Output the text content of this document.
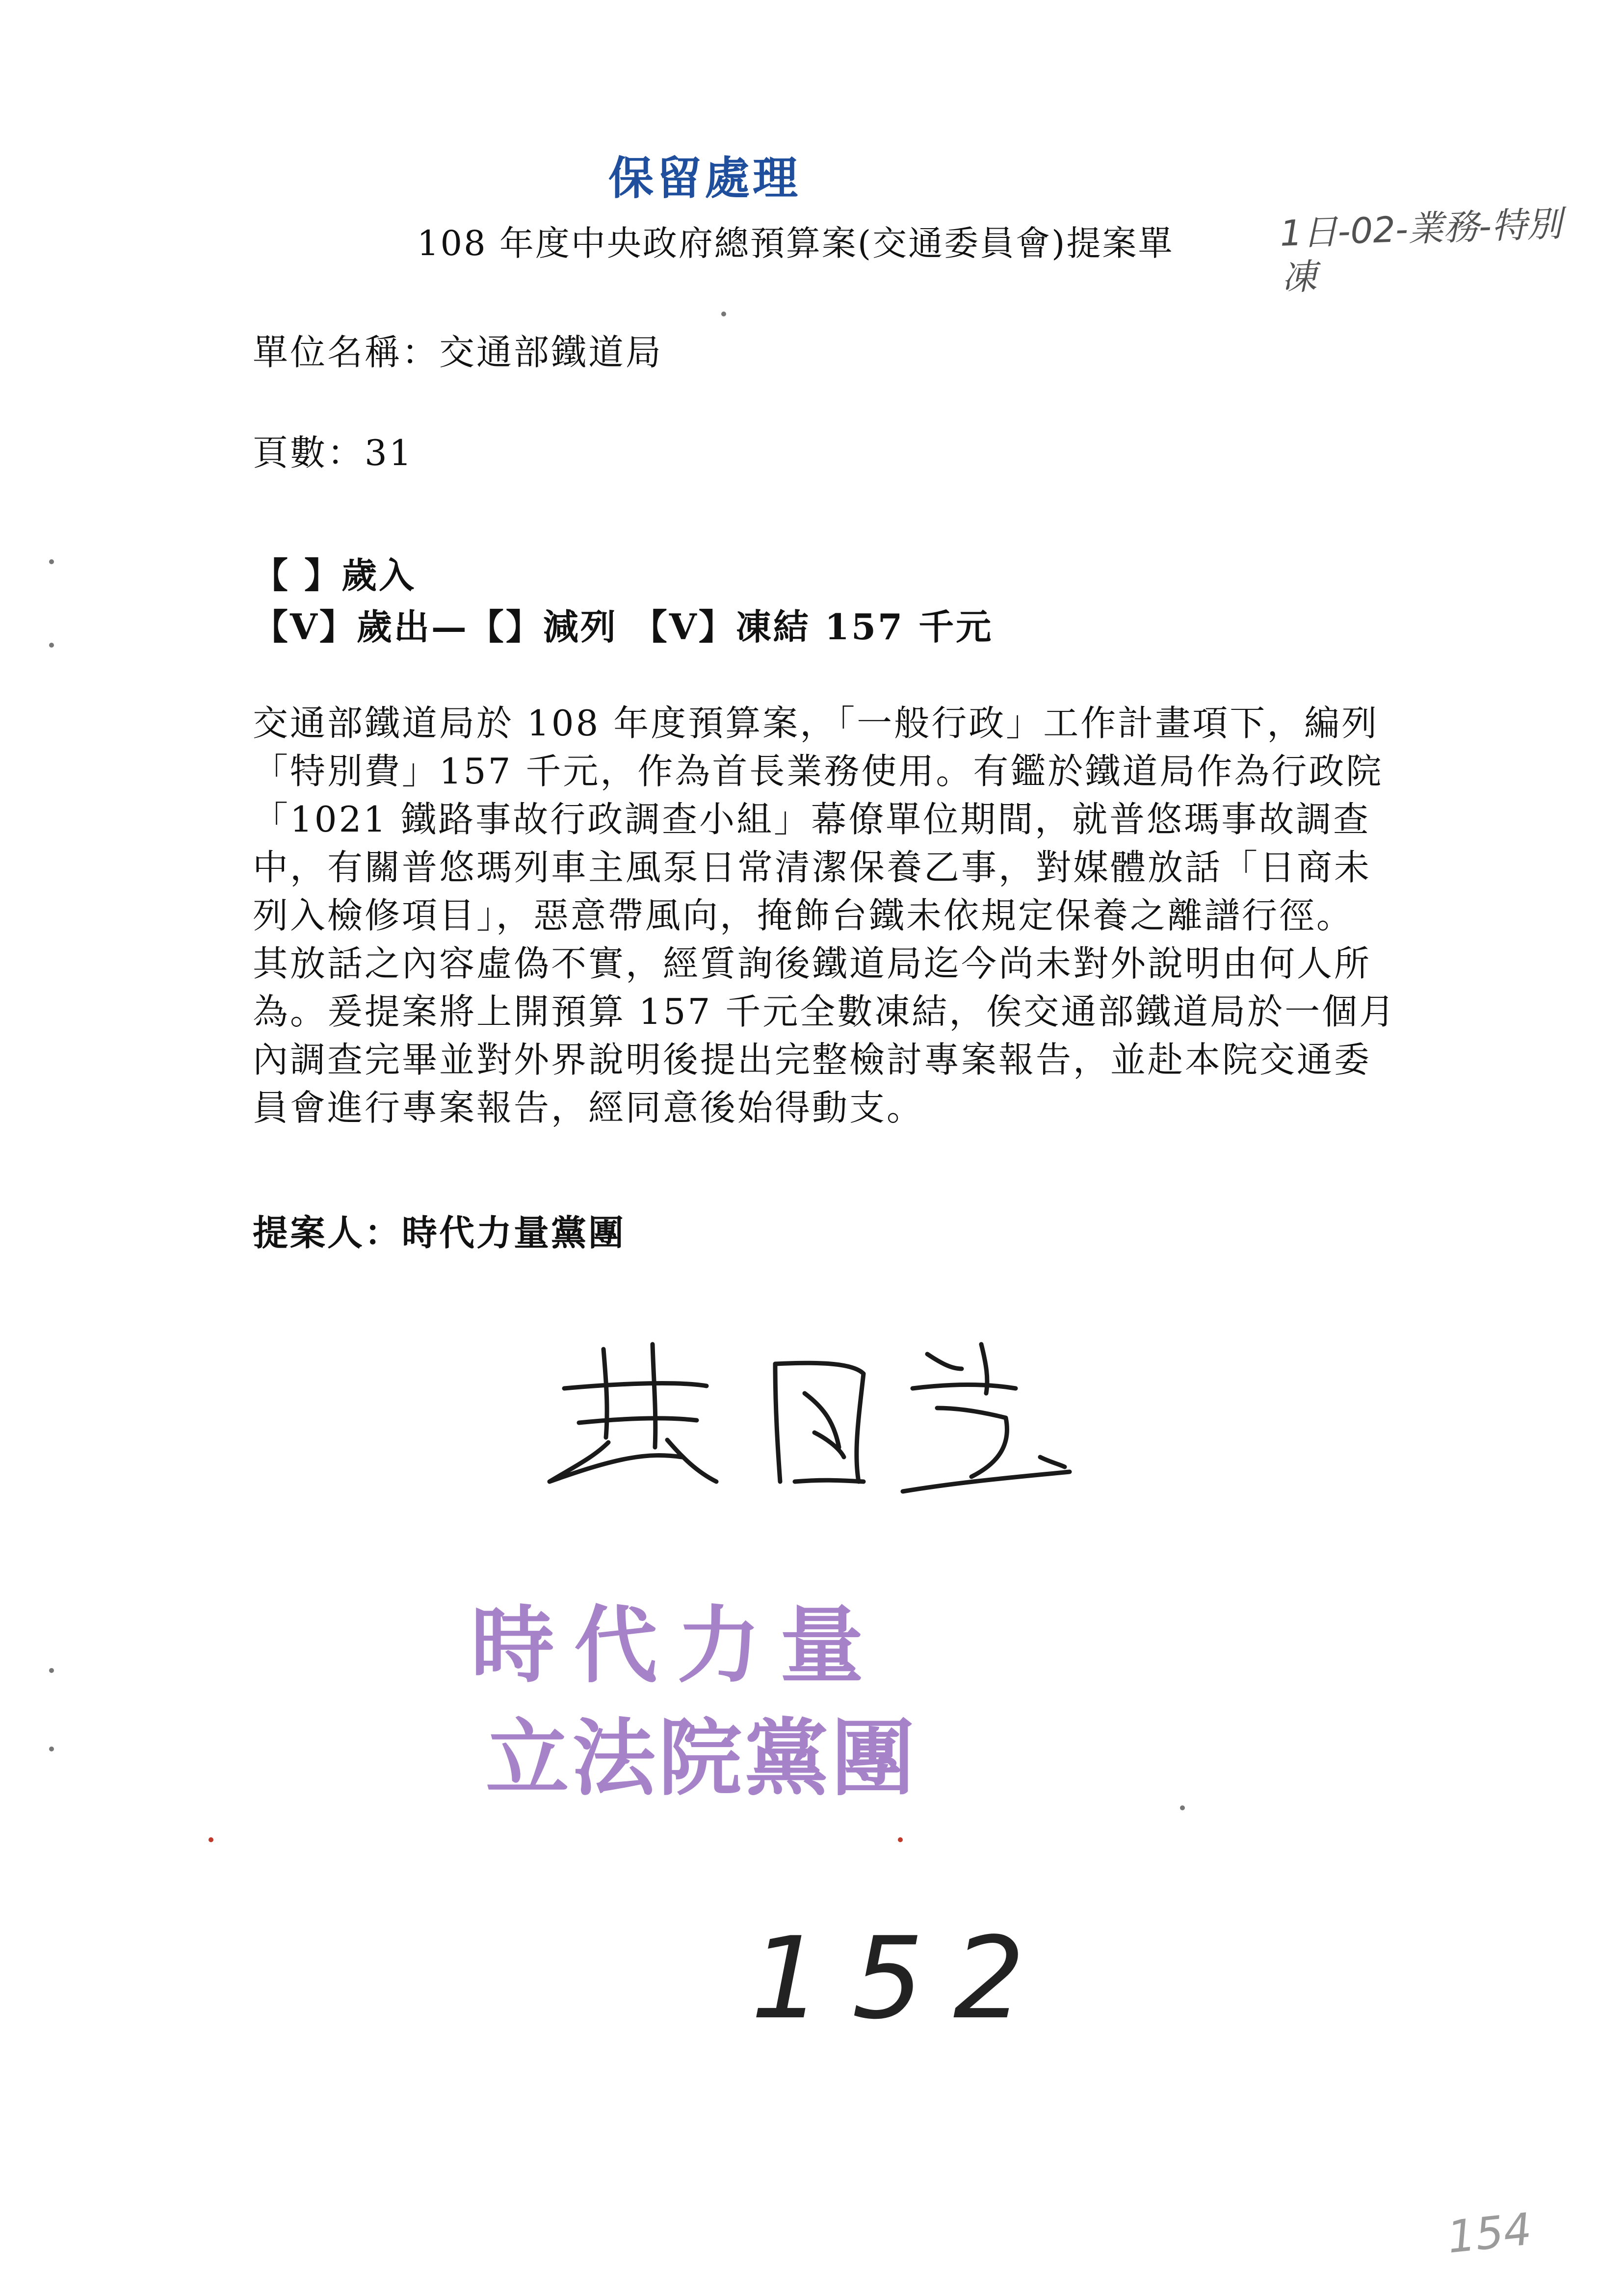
保留處理
108 年度中央政府總預算案(交通委員會)提案單	1日-02-業務-特別凍
單位名稱：交通部鐵道局
頁數：31
【 】歲入
【V】歲出—【】減列 【V】凍結 157 千元
交通部鐵道局於 108 年度預算案，「一般行政」工作計畫項下，編列
「特別費」157 千元，作為首長業務使用。有鑑於鐵道局作為行政院
「1021 鐵路事故行政調查小組」幕僚單位期間，就普悠瑪事故調查
中，有關普悠瑪列車主風泵日常清潔保養乙事，對媒體放話「日商未
列入檢修項目」，惡意帶風向，掩飾台鐵未依規定保養之離譜行徑。
其放話之內容虛偽不實，經質詢後鐵道局迄今尚未對外說明由何人所
為。爰提案將上開預算 157 千元全數凍結，俟交通部鐵道局於一個月
內調查完畢並對外界說明後提出完整檢討專案報告，並赴本院交通委
員會進行專案報告，經同意後始得動支。
提案人：時代力量黨團
時代力量
立法院黨團
152
154
